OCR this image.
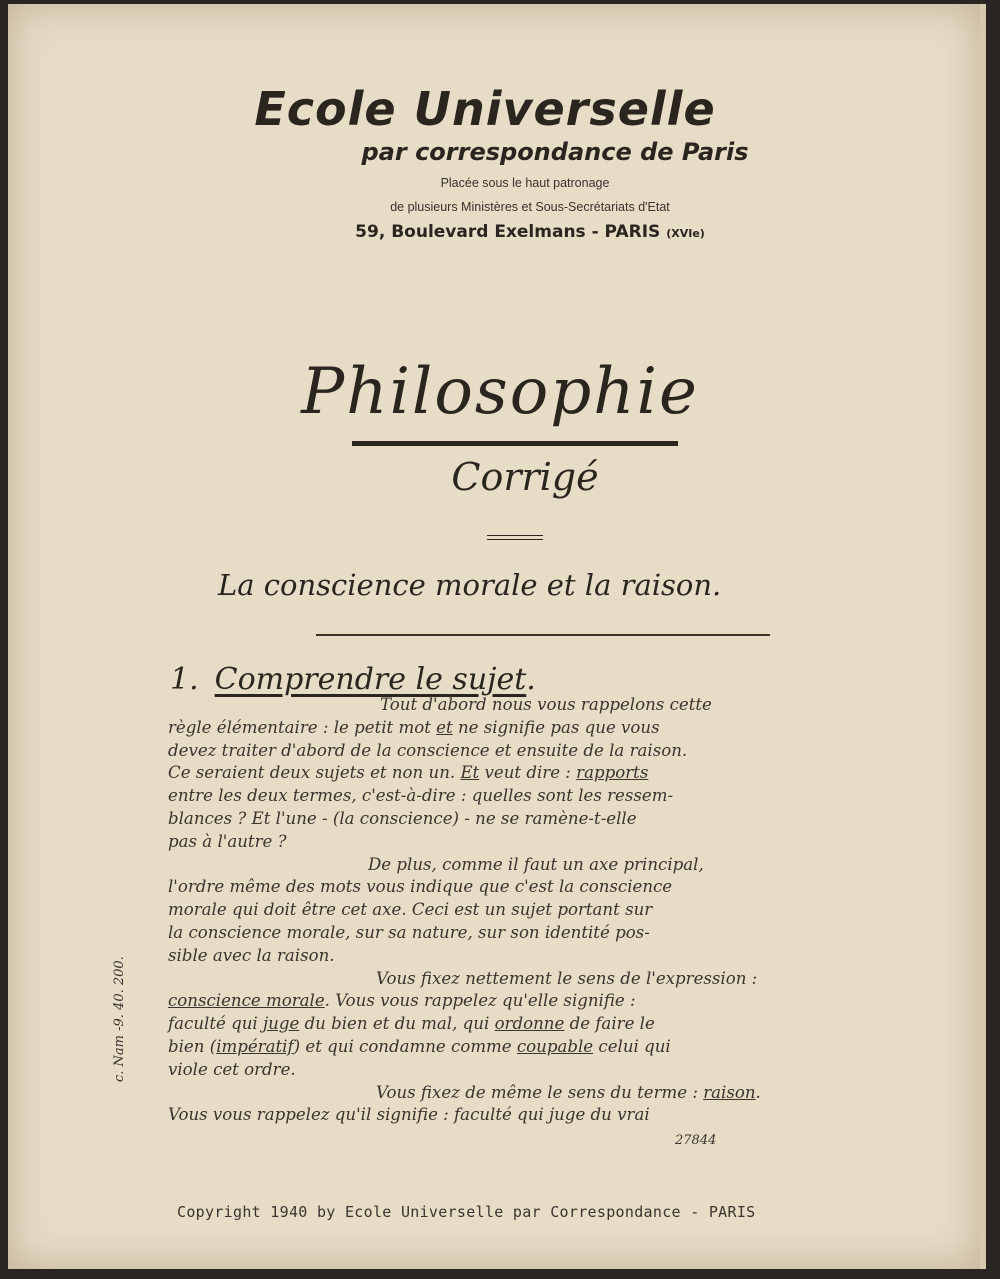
Ecole Universelle
par correspondance de Paris
Placée sous le haut patronage
de plusieurs Ministères et Sous-Secrétariats d'Etat
59, Boulevard Exelmans - PARIS (XVIe)
Philosophie
Corrigé
La conscience morale et la raison.
1. Comprendre le sujet.
Tout d'abord nous vous rappelons cette
règle élémentaire : le petit mot et ne signifie pas que vous
devez traiter d'abord de la conscience et ensuite de la raison.
Ce seraient deux sujets et non un. Et veut dire : rapports
entre les deux termes, c'est-à-dire : quelles sont les ressem-
blances ? Et l'une - (la conscience) - ne se ramène-t-elle
pas à l'autre ?
De plus, comme il faut un axe principal,
l'ordre même des mots vous indique que c'est la conscience
morale qui doit être cet axe. Ceci est un sujet portant sur
la conscience morale, sur sa nature, sur son identité pos-
sible avec la raison.
Vous fixez nettement le sens de l'expression :
conscience morale. Vous vous rappelez qu'elle signifie :
faculté qui juge du bien et du mal, qui ordonne de faire le
bien (impératif) et qui condamne comme coupable celui qui
viole cet ordre.
Vous fixez de même le sens du terme : raison.
Vous vous rappelez qu'il signifie : faculté qui juge du vrai
c. Nam -9. 40. 200.
27844
Copyright 1940 by Ecole Universelle par Correspondance - PARIS
